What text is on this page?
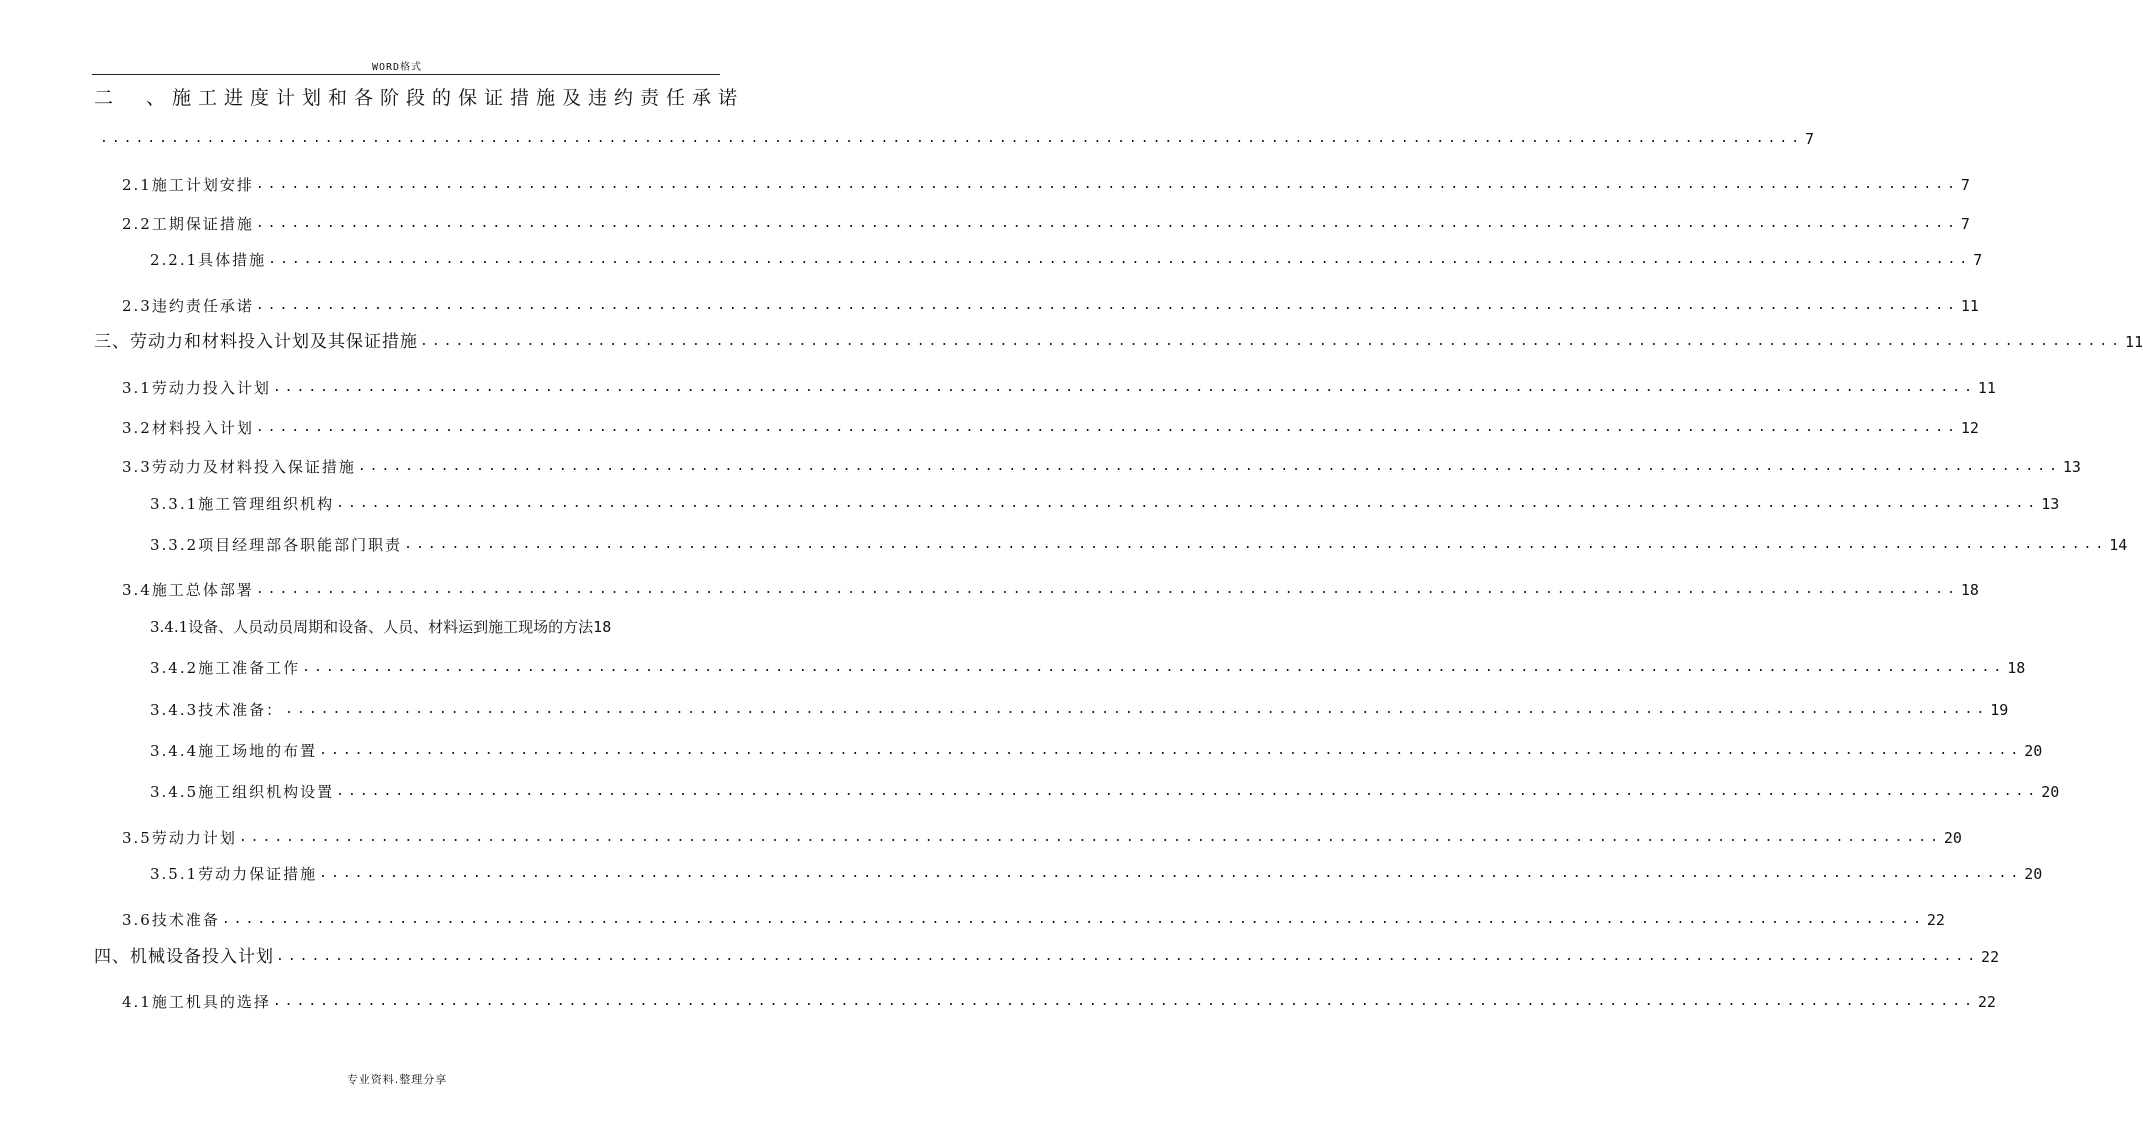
WORD格式
二　、施工进度计划和各阶段的保证措施及违约责任承诺
................................................................................................................................................ 7
2.1施工计划安排 ................................................................................................................................................ 7
2.2工期保证措施 ................................................................................................................................................ 7
2.2.1具体措施 ................................................................................................................................................ 7
2.3违约责任承诺 ................................................................................................................................................ 11
三、劳动力和材料投入计划及其保证措施 ................................................................................................................................................ 11
3.1劳动力投入计划 ................................................................................................................................................ 11
3.2材料投入计划 ................................................................................................................................................ 12
3.3劳动力及材料投入保证措施 ................................................................................................................................................ 13
3.3.1施工管理组织机构 ................................................................................................................................................ 13
3.3.2项目经理部各职能部门职责 ................................................................................................................................................ 14
3.4施工总体部署 ................................................................................................................................................ 18
3.4.1设备、人员动员周期和设备、人员、材料运到施工现场的方法 18
3.4.2施工准备工作 ................................................................................................................................................ 18
3.4.3技术准备： ................................................................................................................................................ 19
3.4.4施工场地的布置 ................................................................................................................................................ 20
3.4.5施工组织机构设置 ................................................................................................................................................ 20
3.5劳动力计划 ................................................................................................................................................ 20
3.5.1劳动力保证措施 ................................................................................................................................................ 20
3.6技术准备 ................................................................................................................................................ 22
四、机械设备投入计划 ................................................................................................................................................ 22
4.1施工机具的选择 ................................................................................................................................................ 22
专业资料.整理分享
